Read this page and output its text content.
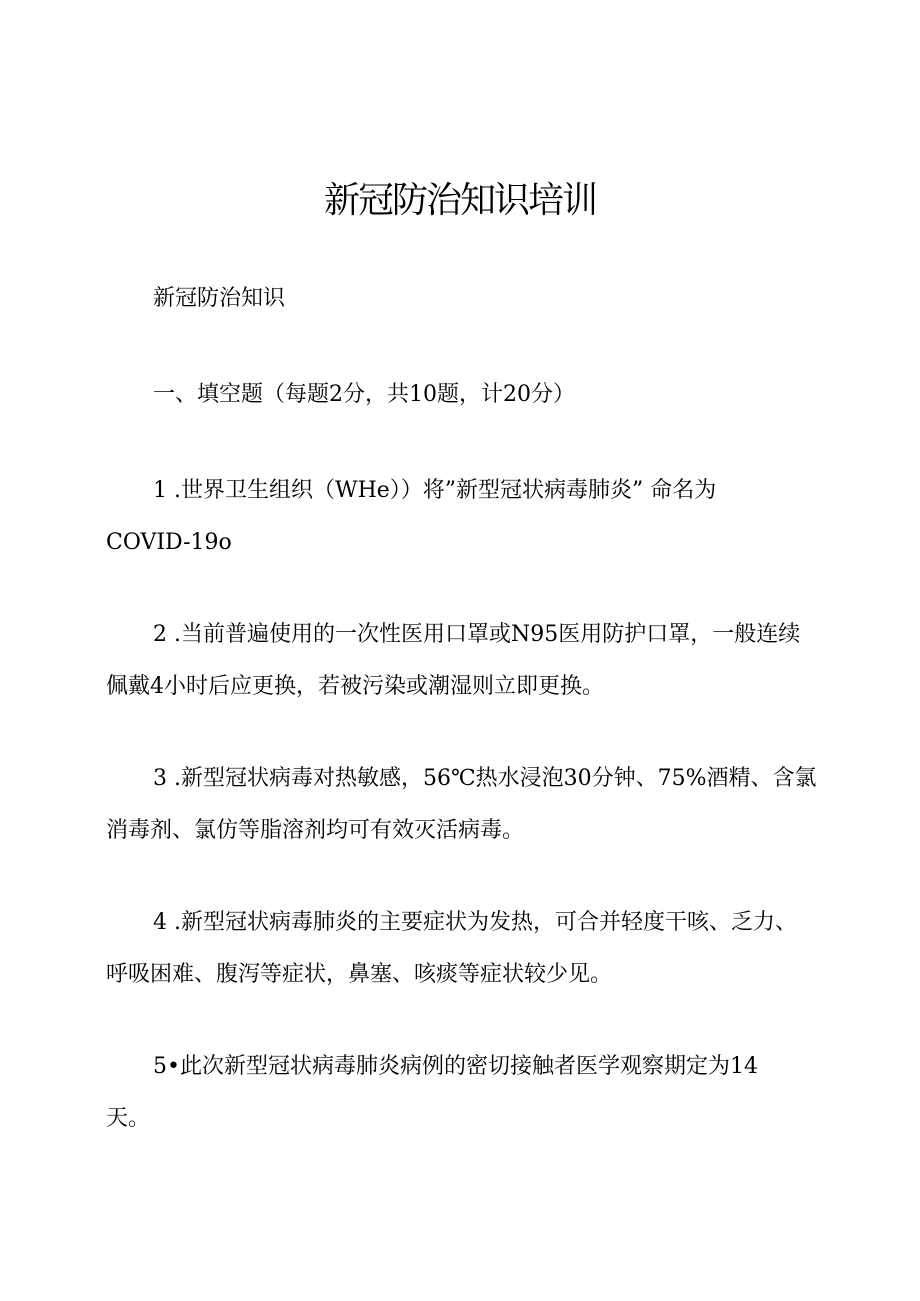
新冠防治知识培训

新冠防治知识

一、填空题（每题2分，共10题，计20分）

1 .世界卫生组织（WHe））将”新型冠状病毒肺炎” 命名为
COVID-19o
2 .当前普遍使用的一次性医用口罩或N95医用防护口罩，一般连续
佩戴4小时后应更换，若被污染或潮湿则立即更换。
3 .新型冠状病毒对热敏感，56℃热水浸泡30分钟、75%酒精、含氯
消毒剂、氯仿等脂溶剂均可有效灭活病毒。
4 .新型冠状病毒肺炎的主要症状为发热，可合并轻度干咳、乏力、
呼吸困难、腹泻等症状，鼻塞、咳痰等症状较少见。
5•此次新型冠状病毒肺炎病例的密切接触者医学观察期定为14
天。
